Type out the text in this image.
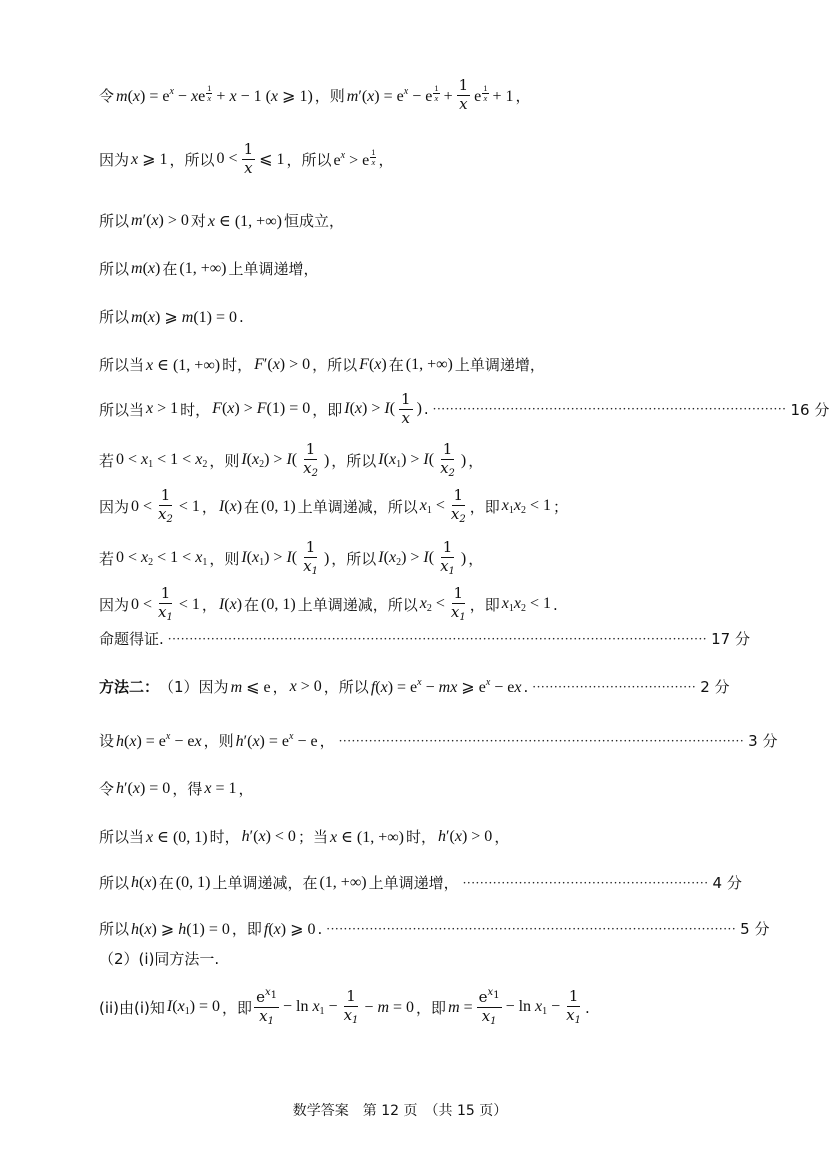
令 $m(x) = e^x$ − xe $\frac{1}{x} + x - 1$ (x ⩾ 1) ，则 $m'(x) = e^x - e \frac{1}{x} + \frac{1}{x}$ e $\frac{1}{x} + 1$ ，
因为 x ⩾ 1 ，所以 $0 < \frac{1}{x}$ ⩽ 1 ，所以 $e^x > e \frac{1}{x}$ ，
所以 m′(x) > 0 对 x ∈ (1, +∞) 恒成立，
所以 m(x) 在 (1, +∞) 上单调递增，
所以 m(x) ⩾ m(1) = 0 .
所以当 x ∈ (1, +∞) 时， F′(x) > 0 ，所以 F(x) 在 (1, +∞) 上单调递增，
所以当 x > 1 时， F(x) > F(1) = 0 ，即 $I(x) > I( \frac{1}{x}$ ) . ·················································································· 16 分
若 $0 < x_1 < 1 < x_2$ ，则 $I(x_2) > I( \frac{1}{x_2}$ ) ，所以 $I(x_1) > I( \frac{1}{x_2}$ ) ，
因为 $0 < \frac{1}{x_2} < 1$ ， I(x) 在 (0, 1) 上单调递减，所以 $x_1 < \frac{1}{x_2}$ ，即 $x_1x_2 < 1$ ；
若 $0 < x_2 < 1 < x_1$ ，则 $I(x_1) > I( \frac{1}{x_1}$ ) ，所以 $I(x_2) > I( \frac{1}{x_1}$ ) ，
因为 $0 < \frac{1}{x_1} < 1$ ， I(x) 在 (0, 1) 上单调递减，所以 $x_2 < \frac{1}{x_1}$ ，即 $x_1x_2 < 1$ .
命题得证. ····························································································································· 17 分
方法二： （1）因为 m ⩽ e ， x > 0 ，所以 $f(x) = e^x$ − mx ⩾ $e^x$ − ex . ······································ 2 分
设 $h(x) = e^x$ − ex ，则 $h'(x) = e^x - e$ ， ······························································································ 3 分
令 h′(x) = 0 ，得 x = 1 ，
所以当 x ∈ (0, 1) 时， h′(x) < 0 ；当 x ∈ (1, +∞) 时， h′(x) > 0 ，
所以 h(x) 在 (0, 1) 上单调递减，在 (1, +∞) 上单调递增， ························································· 4 分
所以 h(x) ⩾ h(1) = 0 ，即 f(x) ⩾ 0 . ······························································································· 5 分
（2）(i)同方法一.
(ii)由(i)知 $I(x_1) = 0$ ，即 $\frac{e^{x_1}}{x_1} - \ln x_1 - \frac{1}{x_1} - m = 0$ ，即 $m = \frac{e^{x_1}}{x_1} - \ln x_1 - \frac{1}{x_1}$ .
数学答案　第 12 页　（共 15 页）
